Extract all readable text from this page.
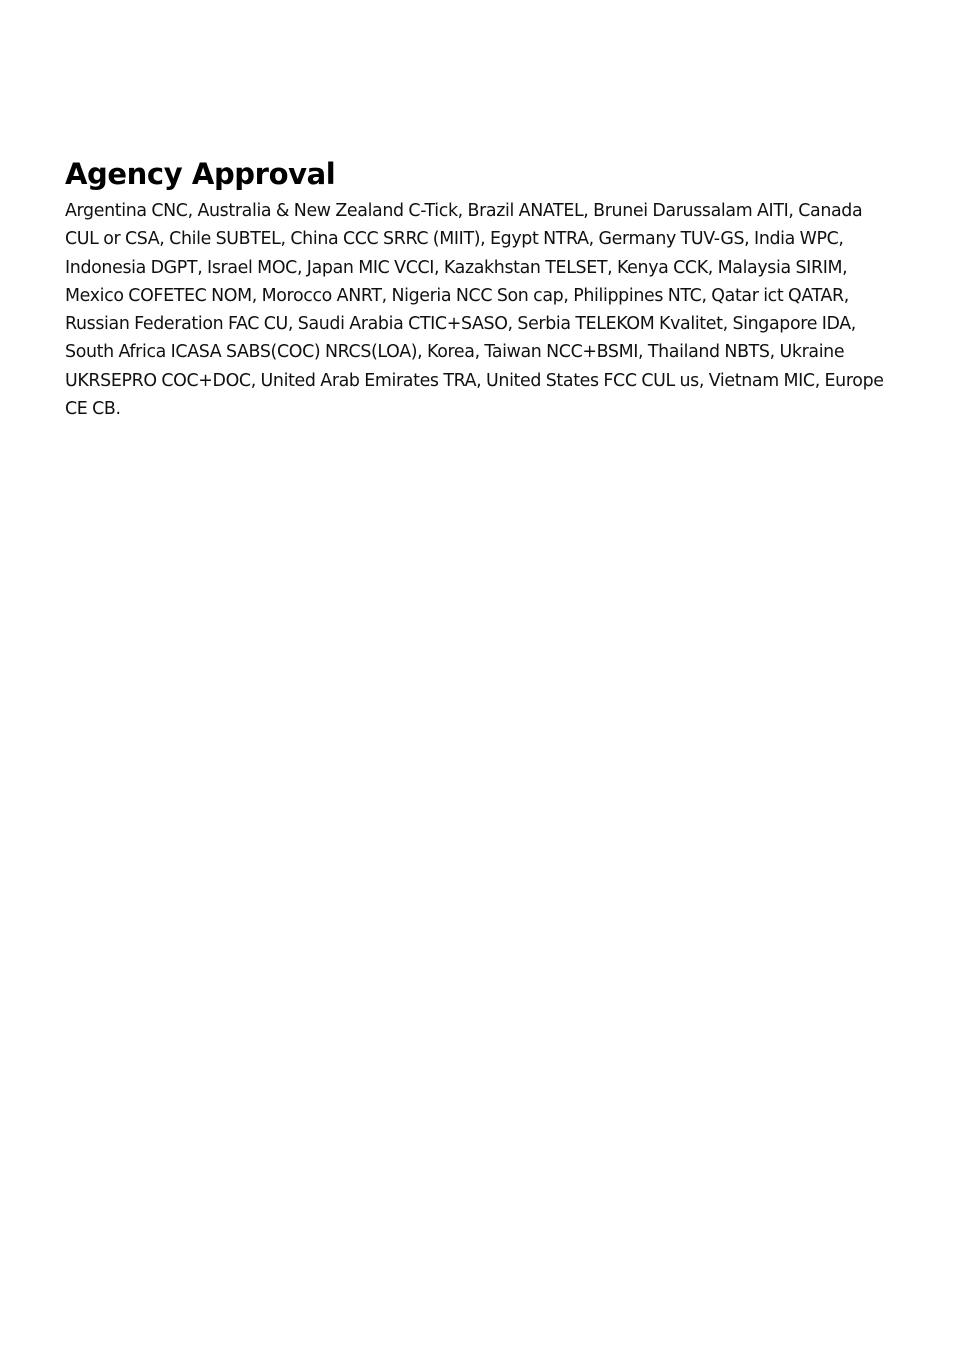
Agency Approval

Argentina CNC, Australia & New Zealand C-Tick, Brazil ANATEL, Brunei Darussalam AITI, Canada CUL or CSA, Chile SUBTEL, China CCC SRRC (MIIT), Egypt NTRA, Germany TUV-GS, India WPC, Indonesia DGPT, Israel MOC, Japan MIC VCCI, Kazakhstan TELSET, Kenya CCK, Malaysia SIRIM, Mexico COFETEC NOM, Morocco ANRT, Nigeria NCC Son cap, Philippines NTC, Qatar ict QATAR, Russian Federation FAC CU, Saudi Arabia CTIC+SASO, Serbia TELEKOM Kvalitet, Singapore IDA, South Africa ICASA SABS(COC) NRCS(LOA), Korea, Taiwan NCC+BSMI, Thailand NBTS, Ukraine UKRSEPRO COC+DOC, United Arab Emirates TRA, United States FCC CUL us, Vietnam MIC, Europe CE CB.
